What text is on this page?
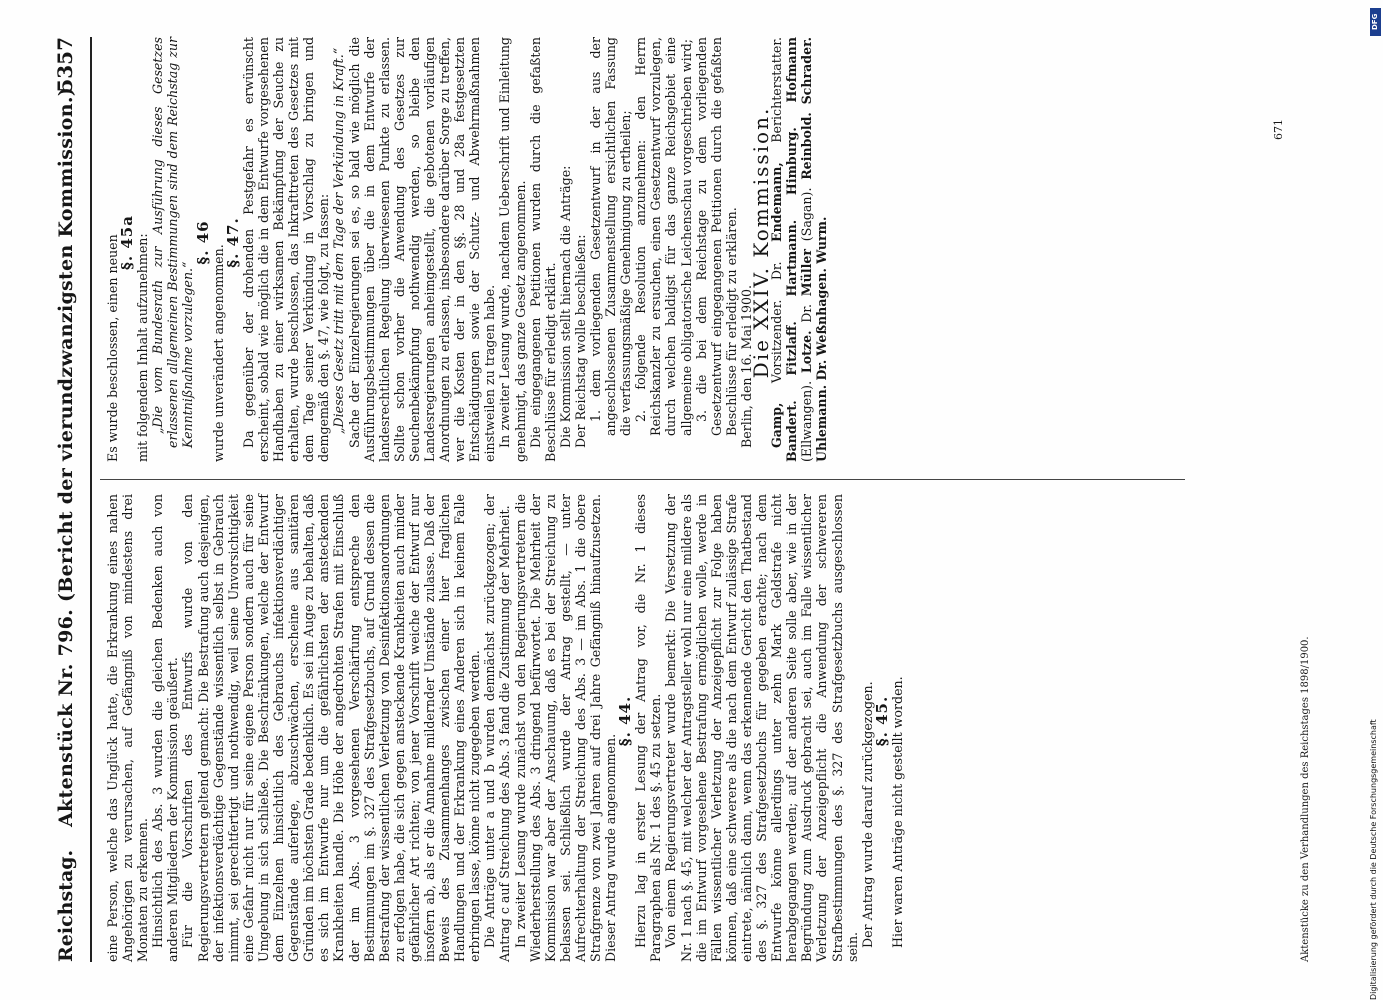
Reichstag.
Aktenstück Nr. 796. (Bericht der vierundzwanzigsten Kommission.)
5357

eine Person, welche das Unglück hatte, die Erkrankung eines nahen Angehörigen zu verursachen, auf Gefängniß von mindestens drei Monaten zu erkennen. Hinsichtlich des Abs. 3 wurden die gleichen Bedenken auch von anderen Mitgliedern der Kommission geäußert. Für die Vorschriften des Entwurfs wurde von den Regierungsvertretern geltend gemacht: Die Bestrafung auch desjenigen, der infektionsverdächtige Gegenstände wissentlich selbst in Gebrauch nimmt, sei gerechtfertigt und nothwendig, weil seine Unvorsichtigkeit eine Gefahr nicht nur für seine eigene Person sondern auch für seine Umgebung in sich schließe. Die Beschränkungen, welche der Entwurf dem Einzelnen hinsichtlich des Gebrauchs infektionsverdächtiger Gegenstände auferlege, abzuschwächen, erscheine aus sanitären Gründen im höchsten Grade bedenklich. Es sei im Auge zu behalten, daß es sich im Entwurfe nur um die gefährlichsten der ansteckenden Krankheiten handle. Die Höhe der angedrohten Strafen mit Einschluß der im Abs. 3 vorgesehenen Verschärfung entspreche den Bestimmungen im §. 327 des Strafgesetzbuchs, auf Grund dessen die Bestrafung der wissentlichen Verletzung von Desinfektionsanordnungen zu erfolgen habe, die sich gegen ansteckende Krankheiten auch minder gefährlicher Art richten; von jener Vorschrift weiche der Entwurf nur insofern ab, als er die Annahme mildernder Umstände zulasse. Daß der Beweis des Zusammenhanges zwischen einer hier fraglichen Handlungen und der Erkrankung eines Anderen sich in keinem Falle erbringen lasse, könne nicht zugegeben werden. Die Anträge unter a und b wurden demnächst zurückgezogen; der Antrag c auf Streichung des Abs. 3 fand die Zustimmung der Mehrheit. In zweiter Lesung wurde zunächst von den Regierungsvertretern die Wiederherstellung des Abs. 3 dringend befürwortet. Die Mehrheit der Kommission war aber der Anschauung, daß es bei der Streichung zu belassen sei. Schließlich wurde der Antrag gestellt, — unter Aufrechterhaltung der Streichung des Abs. 3 — im Abs. 1 die obere Strafgrenze von zwei Jahren auf drei Jahre Gefängniß hinaufzusetzen. Dieser Antrag wurde angenommen.

§. 44. Hierzu lag in erster Lesung der Antrag vor, die Nr. 1 dieses Paragraphen als Nr. 1 des §. 45 zu setzen. Von einem Regierungsvertreter wurde bemerkt: Die Versetzung der Nr. 1 nach §. 45, mit welcher der Antragsteller wohl nur eine mildere als die im Entwurf vorgesehene Bestrafung ermöglichen wolle, werde in Fällen wissentlicher Verletzung der Anzeigepflicht zur Folge haben können, daß eine schwerere als die nach dem Entwurf zulässige Strafe eintrete, nämlich dann, wenn das erkennende Gericht den Thatbestand des §. 327 des Strafgesetzbuchs für gegeben erachte; nach dem Entwurfe könne allerdings unter zehn Mark Geldstrafe nicht herabgegangen werden; auf der anderen Seite solle aber, wie in der Begründung zum Ausdruck gebracht sei, auch im Falle wissentlicher Verletzung der Anzeigepflicht die Anwendung der schwereren Strafbestimmungen des §. 327 des Strafgesetzbuchs ausgeschlossen sein. Der Antrag wurde darauf zurückgezogen.

§. 45. Hier waren Anträge nicht gestellt worden.

Es wurde beschlossen, einen neuen

§. 45a mit folgendem Inhalt aufzunehmen: „Die vom Bundesrath zur Ausführung dieses Gesetzes erlassenen allgemeinen Bestimmungen sind dem Reichstag zur Kenntnißnahme vorzulegen.“

§. 46

wurde unverändert angenommen.

§. 47. Da gegenüber der drohenden Pestgefahr es erwünscht erscheint, sobald wie möglich die in dem Entwurfe vorgesehenen Handhaben zu einer wirksamen Bekämpfung der Seuche zu erhalten, wurde beschlossen, das Inkrafttreten des Gesetzes mit dem Tage seiner Verkündung in Vorschlag zu bringen und demgemäß den §. 47, wie folgt, zu fassen: „Dieses Gesetz tritt mit dem Tage der Verkündung in Kraft.“ Sache der Einzelregierungen sei es, so bald wie möglich die Ausführungsbestimmungen über die in dem Entwurfe der landesrechtlichen Regelung überwiesenen Punkte zu erlassen. Sollte schon vorher die Anwendung des Gesetzes zur Seuchenbekämpfung nothwendig werden, so bleibe den Landesregierungen anheimgestellt, die gebotenen vorläufigen Anordnungen zu erlassen, insbesondere darüber Sorge zu treffen, wer die Kosten der in den §§. 28 und 28a festgesetzten Entschädigungen sowie der Schutz- und Abwehrmaßnahmen einstweilen zu tragen habe. In zweiter Lesung wurde, nachdem Ueberschrift und Einleitung genehmigt, das ganze Gesetz angenommen. Die eingegangenen Petitionen wurden durch die gefaßten Beschlüsse für erledigt erklärt. Die Kommission stellt hiernach die Anträge: Der Reichstag wolle beschließen: 1. dem vorliegenden Gesetzentwurf in der aus der angeschlossenen Zusammenstellung ersichtlichen Fassung die verfassungsmäßige Genehmigung zu ertheilen; 2. folgende Resolution anzunehmen: den Herrn Reichskanzler zu ersuchen, einen Gesetzentwurf vorzulegen, durch welchen baldigst für das ganze Reichsgebiet eine allgemeine obligatorische Leichenschau vorgeschrieben wird; 3. die bei dem Reichstage zu dem vorliegenden Gesetzentwurf eingegangenen Petitionen durch die gefaßten Beschlüsse für erledigt zu erklären. Berlin, den 16. Mai 1900.

Die XXIV. Kommission.

Gamp, Vorsitzender. Dr. Endemann, Berichterstatter. Bandert. Fitzlaff. Hartmann. Himburg. Hofmann (Ellwangen). Lotze. Dr. Müller (Sagan). Reinbold. Schrader. Uhlemann. Dr. Weßnhagen. Wurm.

Aktenstücke zu den Verhandlungen des Reichstages 1898/1900.
671
DFG
Digitalisierung gefördert durch die Deutsche Forschungsgemeinschaft
